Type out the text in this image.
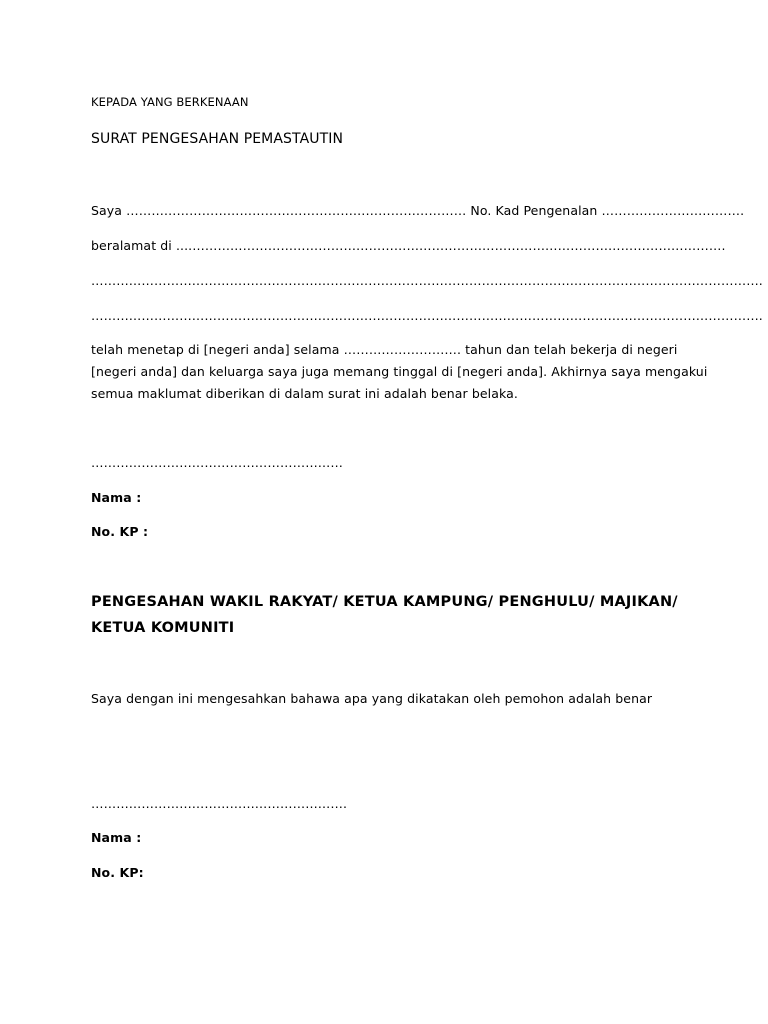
KEPADA YANG BERKENAAN
SURAT PENGESAHAN PEMASTAUTIN
Saya ……………………………………………………………………… No. Kad Pengenalan …………………………….
beralamat di ....……………………………………………………………………………………………………………….
…………………………………………………………………………………………………………………………………………….
…………………………………………………………………………………………………………………………………………….
telah menetap di [negeri anda] selama ………………………. tahun dan telah bekerja di negeri
[negeri anda] dan keluarga saya juga memang tinggal di [negeri anda]. Akhirnya saya mengakui
semua maklumat diberikan di dalam surat ini adalah benar belaka.
……………………………………………………
Nama :
No. KP :
PENGESAHAN WAKIL RAKYAT/ KETUA KAMPUNG/ PENGHULU/ MAJIKAN/
KETUA KOMUNITI
Saya dengan ini mengesahkan bahawa apa yang dikatakan oleh pemohon adalah benar
…………………………………………………….
Nama :
No. KP:
